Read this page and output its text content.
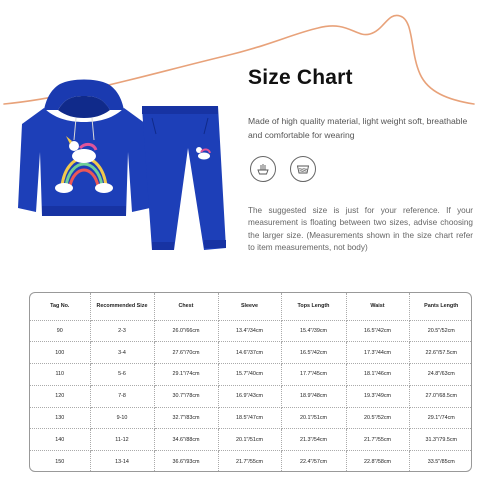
Size Chart
Made of high quality material, light weight soft, breathable and comfortable for wearing
The suggested size is just for your reference. If your measurement is floating between two sizes, advise choosing the larger size. (Measurements shown in the size chart refer to item measurements, not body)
Tag No.	Recommended Size	Chest	Sleeve	Tops Length	Waist	Pants Length
90	2-3	26.0"/66cm	13.4"/34cm	15.4"/39cm	16.5"/42cm	20.5"/52cm
100	3-4	27.6"/70cm	14.6"/37cm	16.5"/42cm	17.3"/44cm	22.6"/57.5cm
110	5-6	29.1"/74cm	15.7"/40cm	17.7"/45cm	18.1"/46cm	24.8"/63cm
120	7-8	30.7"/78cm	16.9"/43cm	18.9"/48cm	19.3"/49cm	27.0"/68.5cm
130	9-10	32.7"/83cm	18.5"/47cm	20.1"/51cm	20.5"/52cm	29.1"/74cm
140	11-12	34.6"/88cm	20.1"/51cm	21.3"/54cm	21.7"/55cm	31.3"/79.5cm
150	13-14	36.6"/93cm	21.7"/55cm	22.4"/57cm	22.8"/58cm	33.5"/85cm
